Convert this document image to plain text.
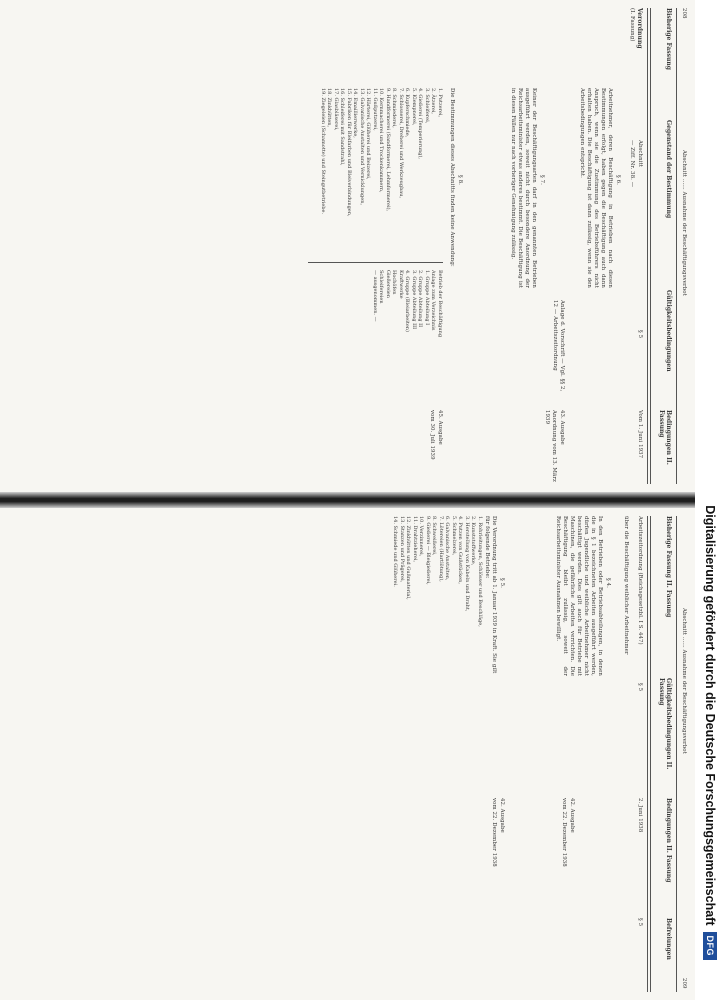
208
Abschnitt ...... Ausnahme der Beschäftigungsverbot
Bisherige Fassung
Gegenstand der Bestimmung
Gültigkeitsbedingungen
Bedingungen II. Fassung
Verordnung
(I. Fassung)
Abschnitt
— Ziff. Nr. 38. —
§ 5
Vom 1. Juni 1937
§ 6.
Arbeitnehmer, deren Beschäftigung in Betrieben nach diesen Bestimmungen erfolgt, haben gegen die Beschäftigung auch dann Anspruch, wenn sie die Zustimmung des Betriebsführers nicht erhalten haben. Die Beschäftigung ist dann zulässig, wenn sie den Arbeitsbedingungen entspricht.
§ 7.
Keiner der Beschäftigungsarten darf in den genannten Betrieben ausgeführt werden, soweit nicht durch besondere Anordnung der Reichsarbeitsminister etwas anderes bestimmt. Die Beschäftigung ist in diesen Fällen nur nach vorheriger Genehmigung zulässig.
Anlage d. Vorschrift — Vgl. §§ 2, 12 — Arbeitszeitordnung
43. Ausgabe
Anordnung vom 13. März 1939
§ 8.
Die Bestimmungen dieses Abschnitts finden keine Anwendung:
1. Putzerei,
2. Ätzerei,
3. Schleiferei,
4. Gießerei (Temperierung),
5. Klempnerei,
6. Kupferschmiede,
7. Schlosserei, Dreherei und Werkzeugbau,
8. Schmiederei,
9. Handformerei (Sandformerei, Lehmformerei),
10. Kernmacherei und Trockenkammern,
11. Gußputzerei,
12. Härterei, Glüherei und Beizerei,
13. Galvanische Anstalten und Vernicklungen,
14. Emaillierwerke,
15. Fabriken für Bleifarben und Bleiverbindungen,
16. Schleiferei mit Sandstrahl,
17. Glasbläserei,
18. Zinkhütten,
19. Ziegeleien (Schamotte) und Steingutbetriebe.
Betrieb der Beschäftigung
Anlage zum Verzeichnis
1. Gruppe Abteilung I
2. Gruppe Abteilung II
3. Gruppe Abteilung III
4. Gruppe (Bleiarbeiten)
Kraftwerke
Hochöfen
Gießereien
Schleifereien
— ausgenommen. —
45. Ausgabe
vom 30. Juli 1939
Abschnitt ...... Ausnahme der Beschäftigungsverbot
209
Bisherige Fassung II. Fassung
Gültigkeitsbedingungen II. Fassung
Bedingungen II. Fassung
Befreiungen
Arbeitszeitordnung (Reichsgesetzbl. I S. 447)
§ 5
2. Juni 1938
§ 5
über die Beschäftigung weiblicher Arbeitnehmer
§ 4.
In den Betrieben oder Betriebsabteilungen, in denen die in § 1 bezeichneten Arbeiten ausgeführt werden, dürfen Jugendliche und weibliche Arbeitnehmer nicht beschäftigt werden. Dies gilt auch für Betriebe mit Maschinen, die gefährliche Arbeiten verrichten. Die Beschäftigung bleibt zulässig, soweit der Reichsarbeitsminister Ausnahmen bewilligt.
42. Ausgabe
vom 22. Dezember 1938
§ 5.
Die Verordnung tritt ab 1. Januar 1939 in Kraft. Sie gilt für folgende Betriebe:
1. Rohrleitungen, Schlösser und Beschläge,
2. Kunststoffwerke,
3. Herstellung von Kabeln und Draht,
4. Putzen von Gußstücken,
5. Schmelzerei,
6. Galvanische Anstalten,
7. Lötereien (Hartlötung),
8. Schweißerei,
9. Gießerei — Bleigießerei,
10. Verzinnerei,
11. Drahtzieherei,
12. Zinkhütten und Gußmaterial,
13. Stanzen und Prägerei,
14. Schmiede und Glüherei.
42. Ausgabe
vom 22. Dezember 1938	Digitalisierung gefördert durch die Deutsche Forschungsgemeinschaft
DFG
